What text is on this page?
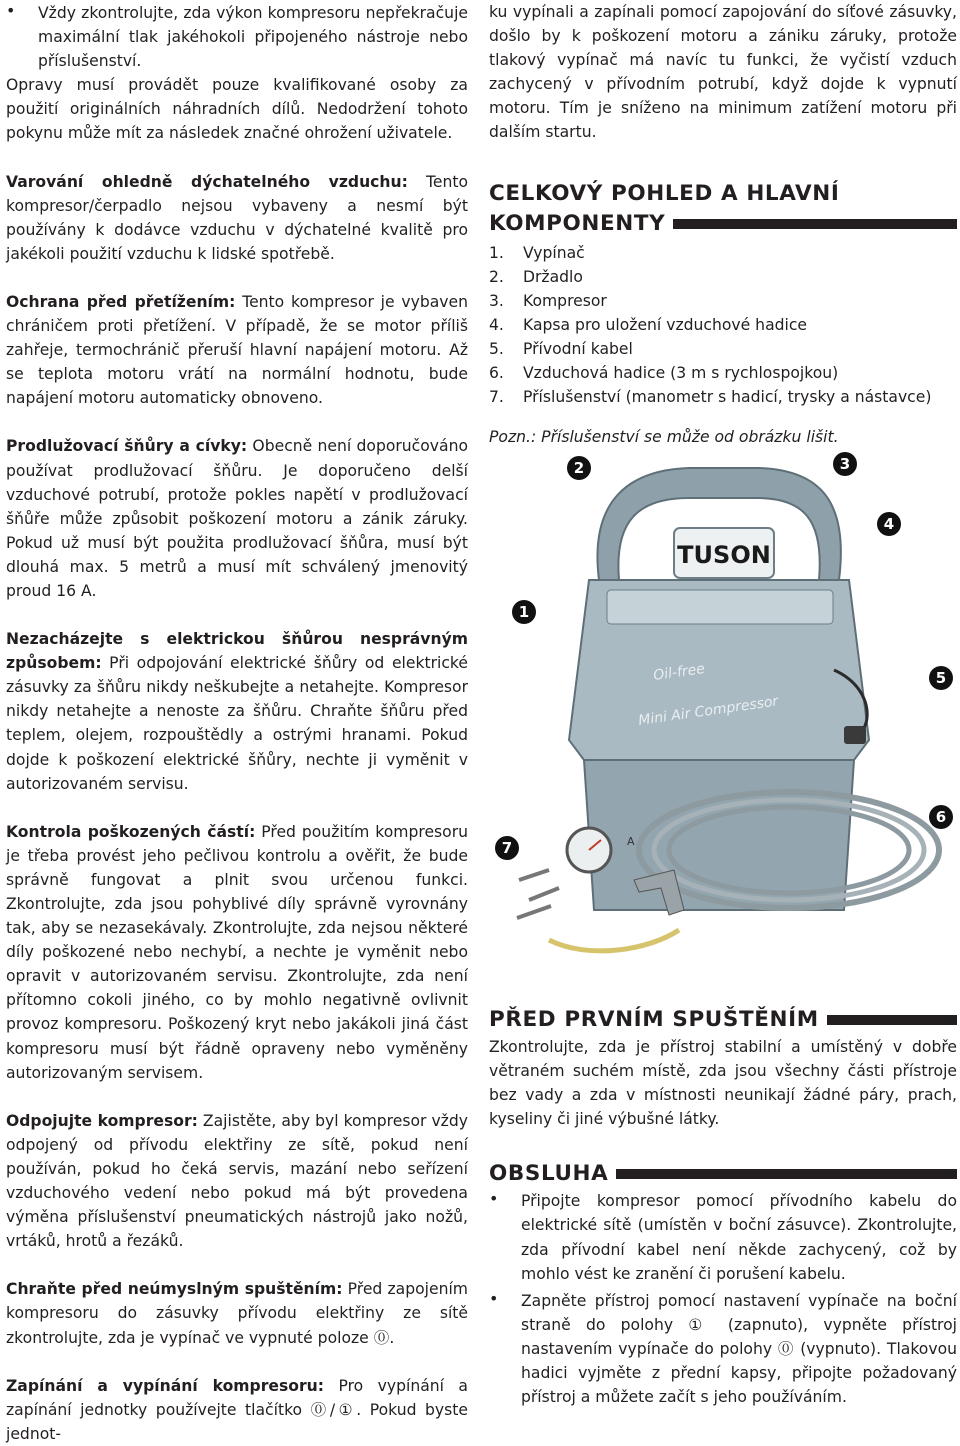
• Vždy zkontrolujte, zda výkon kompresoru nepřekračuje maximální tlak jakéhokoli připojeného nástroje nebo příslušenství.

Opravy musí provádět pouze kvalifikované osoby za použití originálních náhradních dílů. Nedodržení tohoto pokynu může mít za následek značné ohrožení uživatele.

Varování ohledně dýchatelného vzduchu: Tento kompresor/čerpadlo nejsou vybaveny a nesmí být používány k dodávce vzduchu v dýchatelné kvalitě pro jakékoli použití vzduchu k lidské spotřebě.

Ochrana před přetížením: Tento kompresor je vybaven chráničem proti přetížení. V případě, že se motor příliš zahřeje, termochránič přeruší hlavní napájení motoru. Až se teplota motoru vrátí na normální hodnotu, bude napájení motoru automaticky obnoveno.

Prodlužovací šňůry a cívky: Obecně není doporučováno používat prodlužovací šňůru. Je doporučeno delší vzduchové potrubí, protože pokles napětí v prodlužovací šňůře může způsobit poškození motoru a zánik záruky. Pokud už musí být použita prodlužovací šňůra, musí být dlouhá max. 5 metrů a musí mít schválený jmenovitý proud 16 A.

Nezacházejte s elektrickou šňůrou nesprávným způsobem: Při odpojování elektrické šňůry od elektrické zásuvky za šňůru nikdy neškubejte a netahejte. Kompresor nikdy netahejte a nenoste za šňůru. Chraňte šňůru před teplem, olejem, rozpouštědly a ostrými hranami. Pokud dojde k poškození elektrické šňůry, nechte ji vyměnit v autorizovaném servisu.

Kontrola poškozených částí: Před použitím kompresoru je třeba provést jeho pečlivou kontrolu a ověřit, že bude správně fungovat a plnit svou určenou funkci. Zkontrolujte, zda jsou pohyblivé díly správně vyrovnány tak, aby se nezasekávaly. Zkontrolujte, zda nejsou některé díly poškozené nebo nechybí, a nechte je vyměnit nebo opravit v autorizovaném servisu. Zkontrolujte, zda není přítomno cokoli jiného, co by mohlo negativně ovlivnit provoz kompresoru. Poškozený kryt nebo jakákoli jiná část kompresoru musí být řádně opraveny nebo vyměněny autorizovaným servisem.

Odpojujte kompresor: Zajistěte, aby byl kompresor vždy odpojený od přívodu elektřiny ze sítě, pokud není používán, pokud ho čeká servis, mazání nebo seřízení vzduchového vedení nebo pokud má být provedena výměna příslušenství pneumatických nástrojů jako nožů, vrtáků, hrotů a řezáků.

Chraňte před neúmyslným spuštěním: Před zapojením kompresoru do zásuvky přívodu elektřiny ze sítě zkontrolujte, zda je vypínač ve vypnuté poloze ⓪.

Zapínání a vypínání kompresoru: Pro vypínání a zapínání jednotky používejte tlačítko ⓪/①. Pokud byste jednot-

ku vypínali a zapínali pomocí zapojování do síťové zásuvky, došlo by k poškození motoru a zániku záruky, protože tlakový vypínač má navíc tu funkci, že vyčistí vzduch zachycený v přívodním potrubí, když dojde k vypnutí motoru. Tím je sníženo na minimum zatížení motoru při dalším startu.

CELKOVÝ POHLED A HLAVNÍ
KOMPONENTY
1. Vypínač
2. Držadlo
3. Kompresor
4. Kapsa pro uložení vzduchové hadice
5. Přívodní kabel
6. Vzduchová hadice (3 m s rychlospojkou)
7. Příslušenství (manometr s hadicí, trysky a nástavce)

Pozn.: Příslušenství se může od obrázku lišit.

TUSON
Oil-free
Mini Air Compressor
A
1
2	3
4
5
6
7
PŘED PRVNÍM SPUŠTĚNÍM

Zkontrolujte, zda je přístroj stabilní a umístěný v dobře větraném suchém místě, zda jsou všechny části přístroje bez vady a zda v místnosti neunikají žádné páry, prach, kyseliny či jiné výbušné látky.

OBSLUHA
• Připojte kompresor pomocí přívodního kabelu do elektrické sítě (umístěn v boční zásuvce). Zkontrolujte, zda přívodní kabel není někde zachycený, což by mohlo vést ke zranění či porušení kabelu.

• Zapněte přístroj pomocí nastavení vypínače na boční straně do polohy ① (zapnuto), vypněte přístroj nastavením vypínače do polohy ⓪ (vypnuto). Tlakovou hadici vyjměte z přední kapsy, připojte požadovaný přístroj a můžete začít s jeho používáním.
